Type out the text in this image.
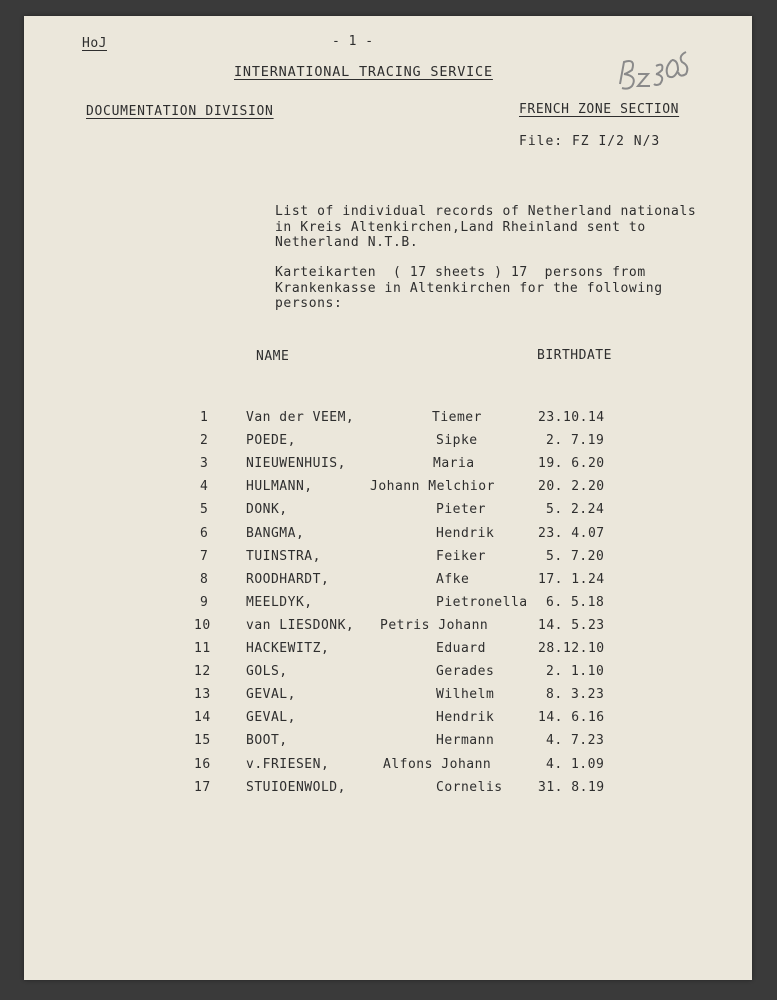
HoJ	- 1 -
INTERNATIONAL TRACING SERVICE
DOCUMENTATION DIVISION	FRENCH ZONE SECTION
File: FZ I/2 N/3
List of individual records of Netherland nationals
in Kreis Altenkirchen,Land Rheinland sent to
Netherland N.T.B.
Karteikarten  ( 17 sheets ) 17  persons from
Krankenkasse in Altenkirchen for the following
persons:
NAME	BIRTHDATE
1	Van der VEEM,	Tiemer	23.10.14
2	POEDE,	Sipke	2. 7.19
3	NIEUWENHUIS,	Maria	19. 6.20
4	HULMANN,	Johann Melchior	20. 2.20
5	DONK,	Pieter	5. 2.24
6	BANGMA,	Hendrik	23. 4.07
7	TUINSTRA,	Feiker	5. 7.20
8	ROODHARDT,	Afke	17. 1.24
9	MEELDYK,	Pietronella 6. 5.18
10	van LIESDONK, Petris Johann	14. 5.23
11	HACKEWITZ,	Eduard	28.12.10
12	GOLS,	Gerades	2. 1.10
13	GEVAL,	Wilhelm	8. 3.23
14	GEVAL,	Hendrik	14. 6.16
15	BOOT,	Hermann	4. 7.23
16	v.FRIESEN,	Alfons Johann	4. 1.09
17	STUIOENWOLD,	Cornelis	31. 8.19
